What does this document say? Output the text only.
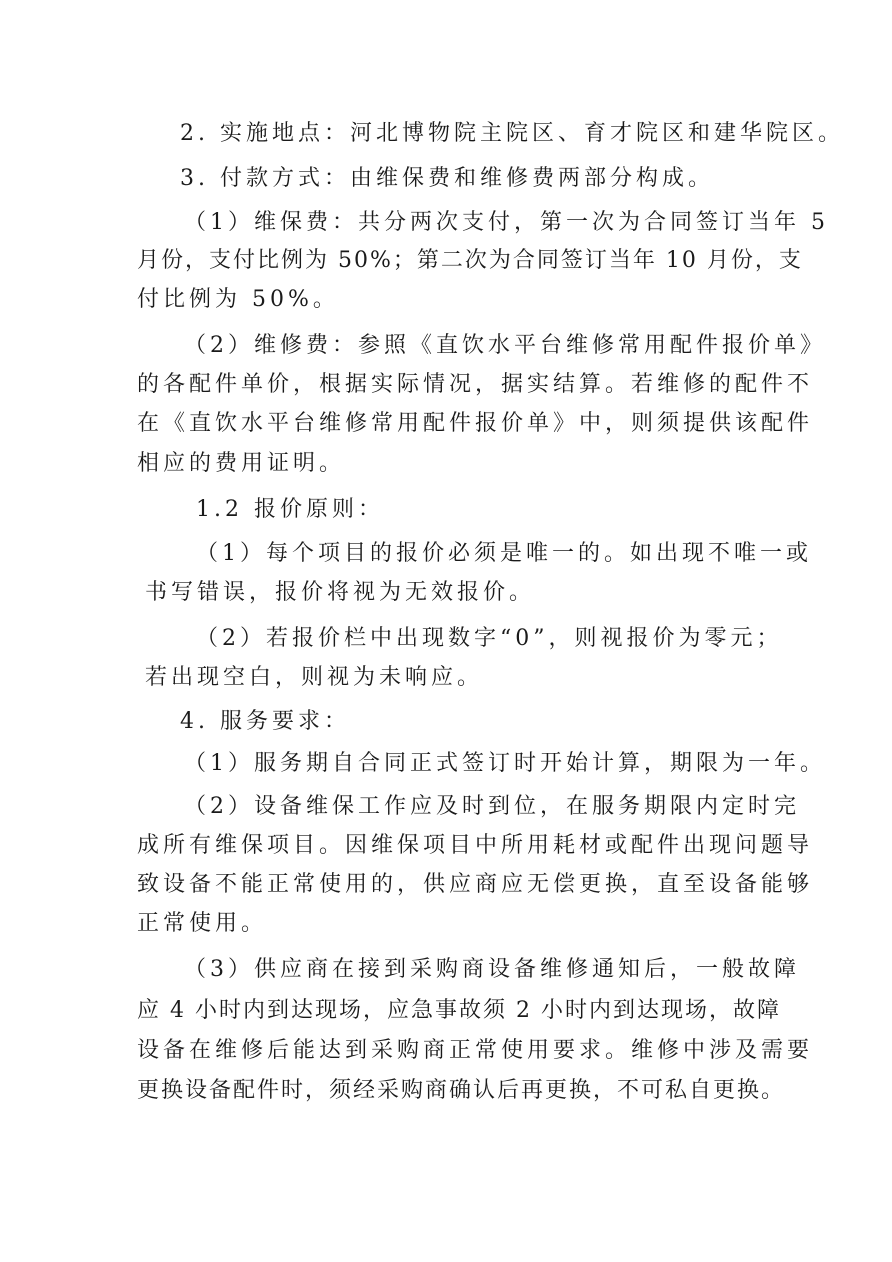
2. 实施地点：河北博物院主院区、育才院区和建华院区。
3. 付款方式：由维保费和维修费两部分构成。
（1）维保费：共分两次支付，第一次为合同签订当年 5
月份，支付比例为 50%；第二次为合同签订当年 10 月份，支
付比例为 50%。
（2）维修费：参照《直饮水平台维修常用配件报价单》
的各配件单价，根据实际情况，据实结算。若维修的配件不
在《直饮水平台维修常用配件报价单》中，则须提供该配件
相应的费用证明。
1.2 报价原则：
（1）每个项目的报价必须是唯一的。如出现不唯一或
书写错误，报价将视为无效报价。
（2）若报价栏中出现数字“0”，则视报价为零元；
若出现空白，则视为未响应。
4. 服务要求：
（1）服务期自合同正式签订时开始计算，期限为一年。
（2）设备维保工作应及时到位，在服务期限内定时完
成所有维保项目。因维保项目中所用耗材或配件出现问题导
致设备不能正常使用的，供应商应无偿更换，直至设备能够
正常使用。
（3）供应商在接到采购商设备维修通知后，一般故障
应 4 小时内到达现场，应急事故须 2 小时内到达现场，故障
设备在维修后能达到采购商正常使用要求。维修中涉及需要
更换设备配件时，须经采购商确认后再更换，不可私自更换。
